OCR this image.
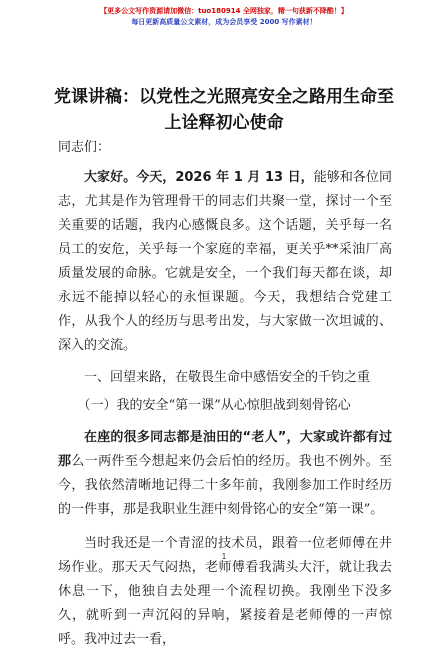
【更多公文写作资源请加微信：tuo180914 全网独家，精一句获新不降酷！】
每日更新高质量公文素材，成为会员享受 2000 写作素材！
党课讲稿：以党性之光照亮安全之路用生命至
上诠释初心使命

同志们：

大家好。今天，2026 年 1 月 13 日，能够和各位同志，尤其是作为管理骨干的同志们共聚一堂，探讨一个至关重要的话题，我内心感慨良多。这个话题，关乎每一名员工的安危，关乎每一个家庭的幸福，更关乎**采油厂高质量发展的命脉。它就是安全，一个我们每天都在谈，却永远不能掉以轻心的永恒课题。今天，我想结合党建工作，从我个人的经历与思考出发，与大家做一次坦诚的、深入的交流。

一、回望来路，在敬畏生命中感悟安全的千钧之重

（一）我的安全“第一课”从心惊胆战到刻骨铭心

在座的很多同志都是油田的“老人”，大家或许都有过那么一两件至今想起来仍会后怕的经历。我也不例外。至今，我依然清晰地记得二十多年前，我刚参加工作时经历的一件事，那是我职业生涯中刻骨铭心的安全“第一课”。

当时我还是一个青涩的技术员，跟着一位老师傅在井场作业。那天天气闷热，老师傅看我满头大汗，就让我去休息一下，他独自去处理一个流程切换。我刚坐下没多久，就听到一声沉闷的异响，紧接着是老师傅的一声惊呼。我冲过去一看，

1
